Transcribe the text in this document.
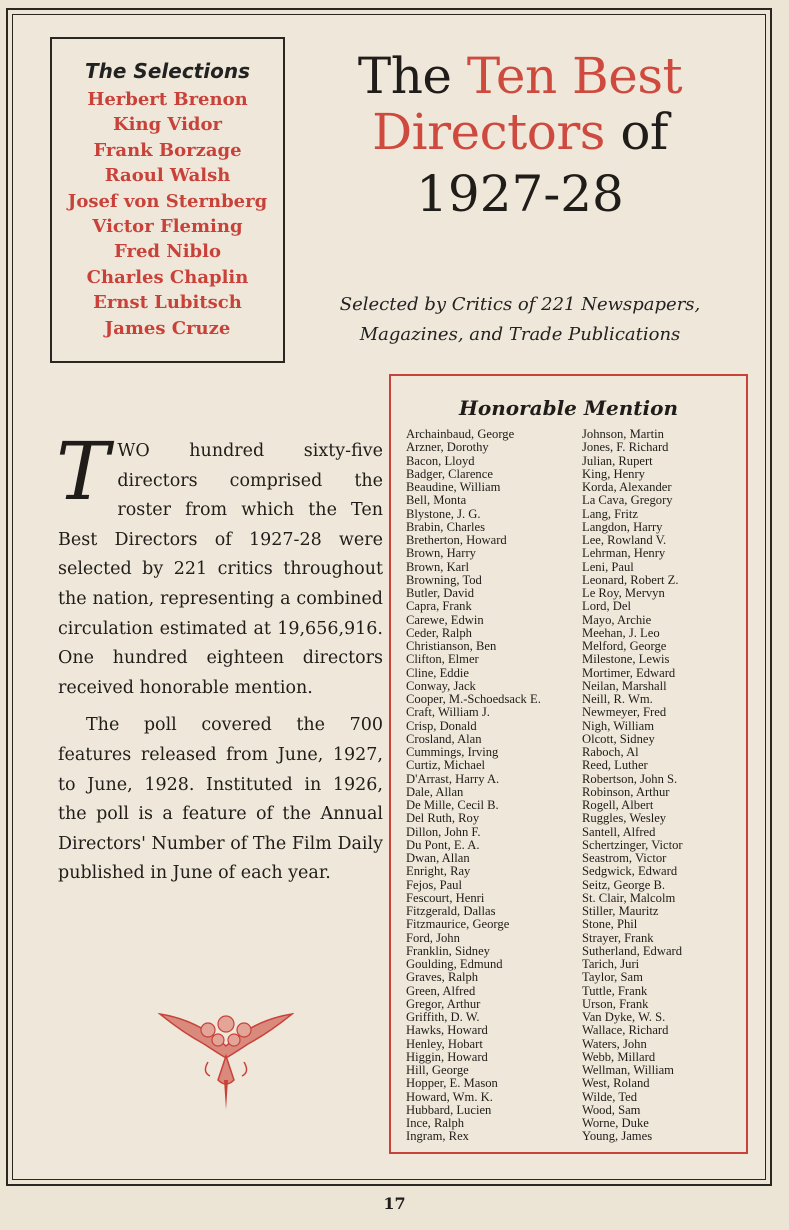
The Selections
Herbert Brenon
King Vidor
Frank Borzage
Raoul Walsh
Josef von Sternberg
Victor Fleming
Fred Niblo
Charles Chaplin
Ernst Lubitsch
James Cruze
The Ten Best
Directors of
1927-28
Selected by Critics of 221 Newspapers,
Magazines, and Trade Publications

TWO hundred sixty-five directors comprised the roster from which the Ten Best Directors of 1927-28 were selected by 221 critics throughout the nation, representing a combined circulation estimated at 19,656,916. One hundred eighteen directors received honorable mention.

The poll covered the 700 features released from June, 1927, to June, 1928. Instituted in 1926, the poll is a feature of the Annual Directors' Number of The Film Daily published in June of each year.

Honorable Mention
Archainbaud, George
Arzner, Dorothy
Bacon, Lloyd
Badger, Clarence
Beaudine, William
Bell, Monta
Blystone, J. G.
Brabin, Charles
Bretherton, Howard
Brown, Harry
Brown, Karl
Browning, Tod
Butler, David
Capra, Frank
Carewe, Edwin
Ceder, Ralph
Christianson, Ben
Clifton, Elmer
Cline, Eddie
Conway, Jack
Cooper, M.-Schoedsack E.
Craft, William J.
Crisp, Donald
Crosland, Alan
Cummings, Irving
Curtiz, Michael
D'Arrast, Harry A.
Dale, Allan
De Mille, Cecil B.
Del Ruth, Roy
Dillon, John F.
Du Pont, E. A.
Dwan, Allan
Enright, Ray
Fejos, Paul
Fescourt, Henri
Fitzgerald, Dallas
Fitzmaurice, George
Ford, John
Franklin, Sidney
Goulding, Edmund
Graves, Ralph
Green, Alfred
Gregor, Arthur
Griffith, D. W.
Hawks, Howard
Henley, Hobart
Higgin, Howard
Hill, George
Hopper, E. Mason
Howard, Wm. K.
Hubbard, Lucien
Ince, Ralph
Ingram, Rex
Johnson, Martin
Jones, F. Richard
Julian, Rupert
King, Henry
Korda, Alexander
La Cava, Gregory
Lang, Fritz
Langdon, Harry
Lee, Rowland V.
Lehrman, Henry
Leni, Paul
Leonard, Robert Z.
Le Roy, Mervyn
Lord, Del
Mayo, Archie
Meehan, J. Leo
Melford, George
Milestone, Lewis
Mortimer, Edward
Neilan, Marshall
Neill, R. Wm.
Newmeyer, Fred
Nigh, William
Olcott, Sidney
Raboch, Al
Reed, Luther
Robertson, John S.
Robinson, Arthur
Rogell, Albert
Ruggles, Wesley
Santell, Alfred
Schertzinger, Victor
Seastrom, Victor
Sedgwick, Edward
Seitz, George B.
St. Clair, Malcolm
Stiller, Mauritz
Stone, Phil
Strayer, Frank
Sutherland, Edward
Tarich, Juri
Taylor, Sam
Tuttle, Frank
Urson, Frank
Van Dyke, W. S.
Wallace, Richard
Waters, John
Webb, Millard
Wellman, William
West, Roland
Wilde, Ted
Wood, Sam
Worne, Duke
Young, James
17
